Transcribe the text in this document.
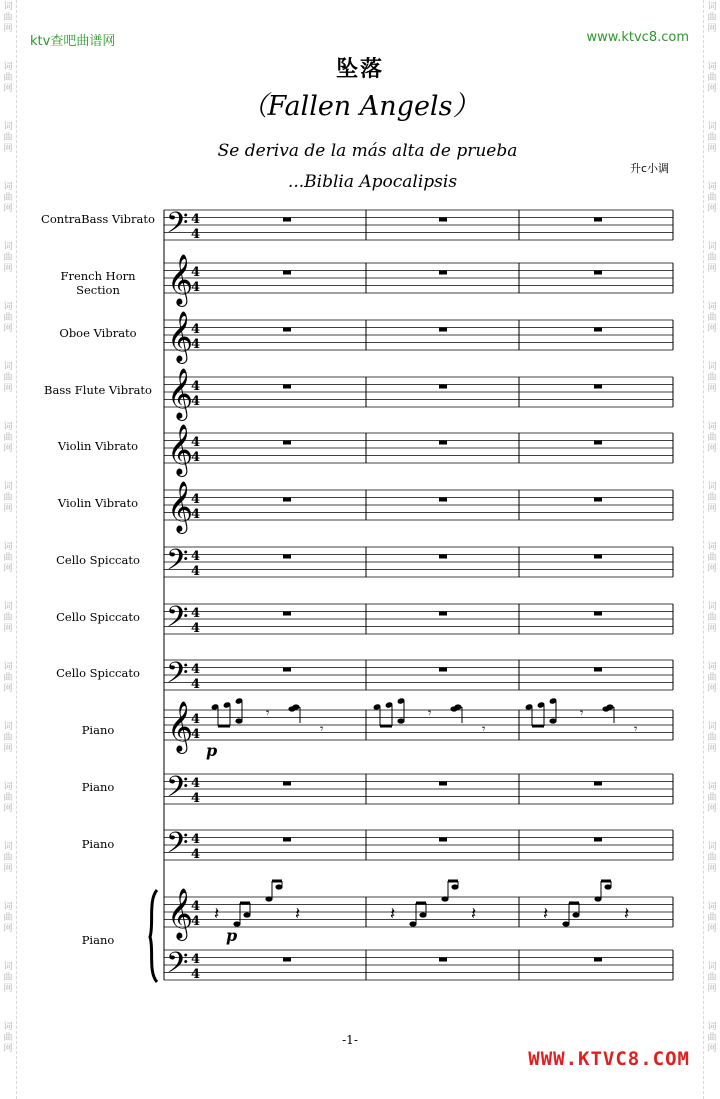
词
曲
网
词
曲
网
词
曲
网
词
曲
网
词
曲
网
词
曲
网
词
曲
网
词
曲
网
词
曲
网
词
曲
网
词
曲
网
词
曲
网
词
曲
网
词
曲
网
词
曲
网
词
曲
网
词
曲
网
词
曲
网
词
曲
网
词
曲
网
词
曲
网
词
曲
网
词
曲
网
词
曲
网
词
曲
网
词
曲
网
词
曲
网
词
曲
网
词
曲
网
词
曲
网
词
曲
网
词
曲
网
词
曲
网
词
曲
网
词
曲
网
词
曲
网
ktv查吧曲谱网	www.ktvc8.com
坠落
（Fallen Angels）
Se deriva de la más alta de prueba
...Biblia Apocalipsis
升c小调
ContraBass Vibrato
French Horn Section
Oboe Vibrato
Bass Flute Vibrato
Violin Vibrato
Violin Vibrato
Cello Spiccato
Cello Spiccato
Cello Spiccato
Piano
Piano
Piano
Piano
𝄢 4
4
𝄞
4
4
𝄞
4
4
𝄞
4
4
𝄞
4
4
𝄞
4
4
𝄢 4
4
𝄢 4
4
𝄢 4
4
𝄞
4
4
𝄾
𝄾
𝄾
𝄾
𝄾
𝄾
p
𝄢 4
4
𝄢 4
4
𝄞
4
4 𝄽	𝄽	𝄽	𝄽	𝄽	𝄽
p
𝄢 4
4
-1-
WWW.KTVC8.COM
